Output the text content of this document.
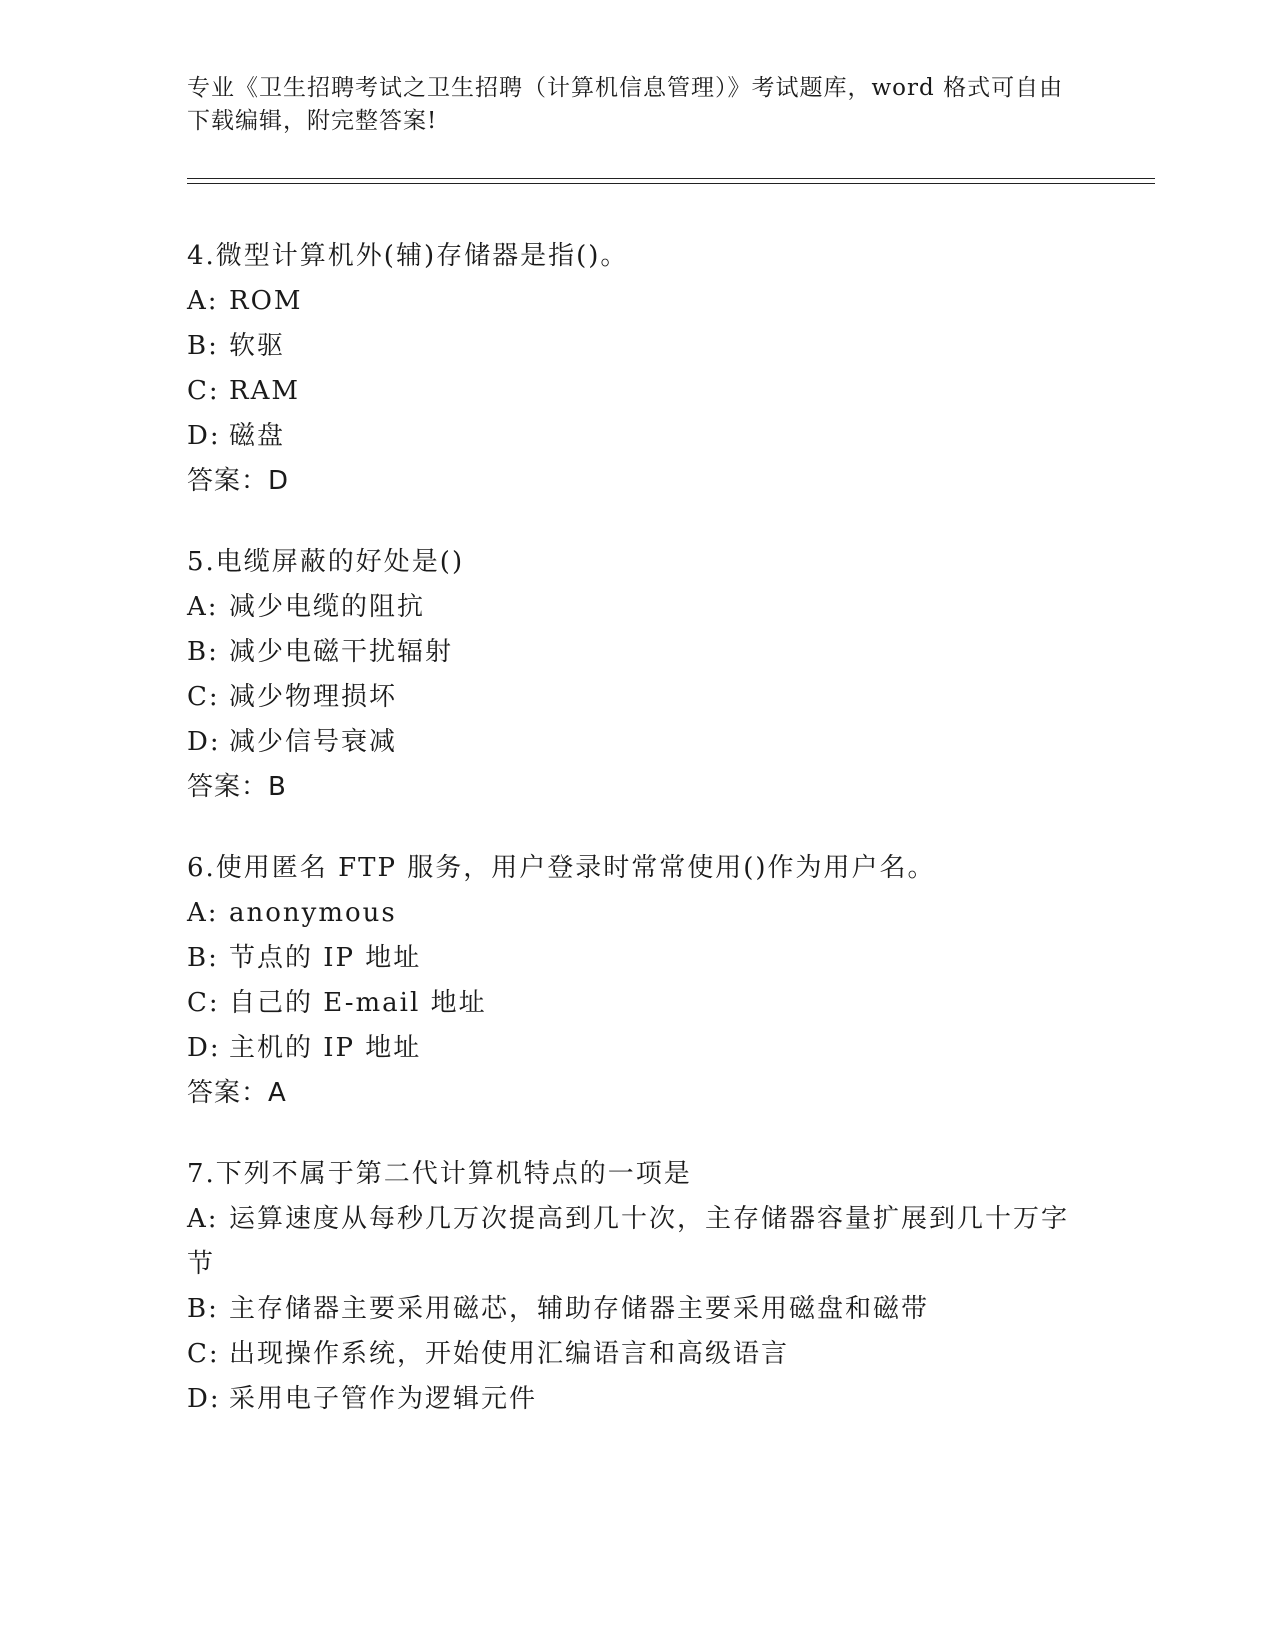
专业《卫生招聘考试之卫生招聘（计算机信息管理）》考试题库，word 格式可自由下载编辑，附完整答案!
4.微型计算机外(辅)存储器是指()。
A: ROM
B: 软驱
C: RAM
D: 磁盘
答案：D
5.电缆屏蔽的好处是()
A: 减少电缆的阻抗
B: 减少电磁干扰辐射
C: 减少物理损坏
D: 减少信号衰减
答案：B
6.使用匿名 FTP 服务，用户登录时常常使用()作为用户名。
A: anonymous
B: 节点的 IP 地址
C: 自己的 E-mail 地址
D: 主机的 IP 地址
答案：A
7.下列不属于第二代计算机特点的一项是
A: 运算速度从每秒几万次提高到几十次，主存储器容量扩展到几十万字节
B: 主存储器主要采用磁芯，辅助存储器主要采用磁盘和磁带
C: 出现操作系统，开始使用汇编语言和高级语言
D: 采用电子管作为逻辑元件
